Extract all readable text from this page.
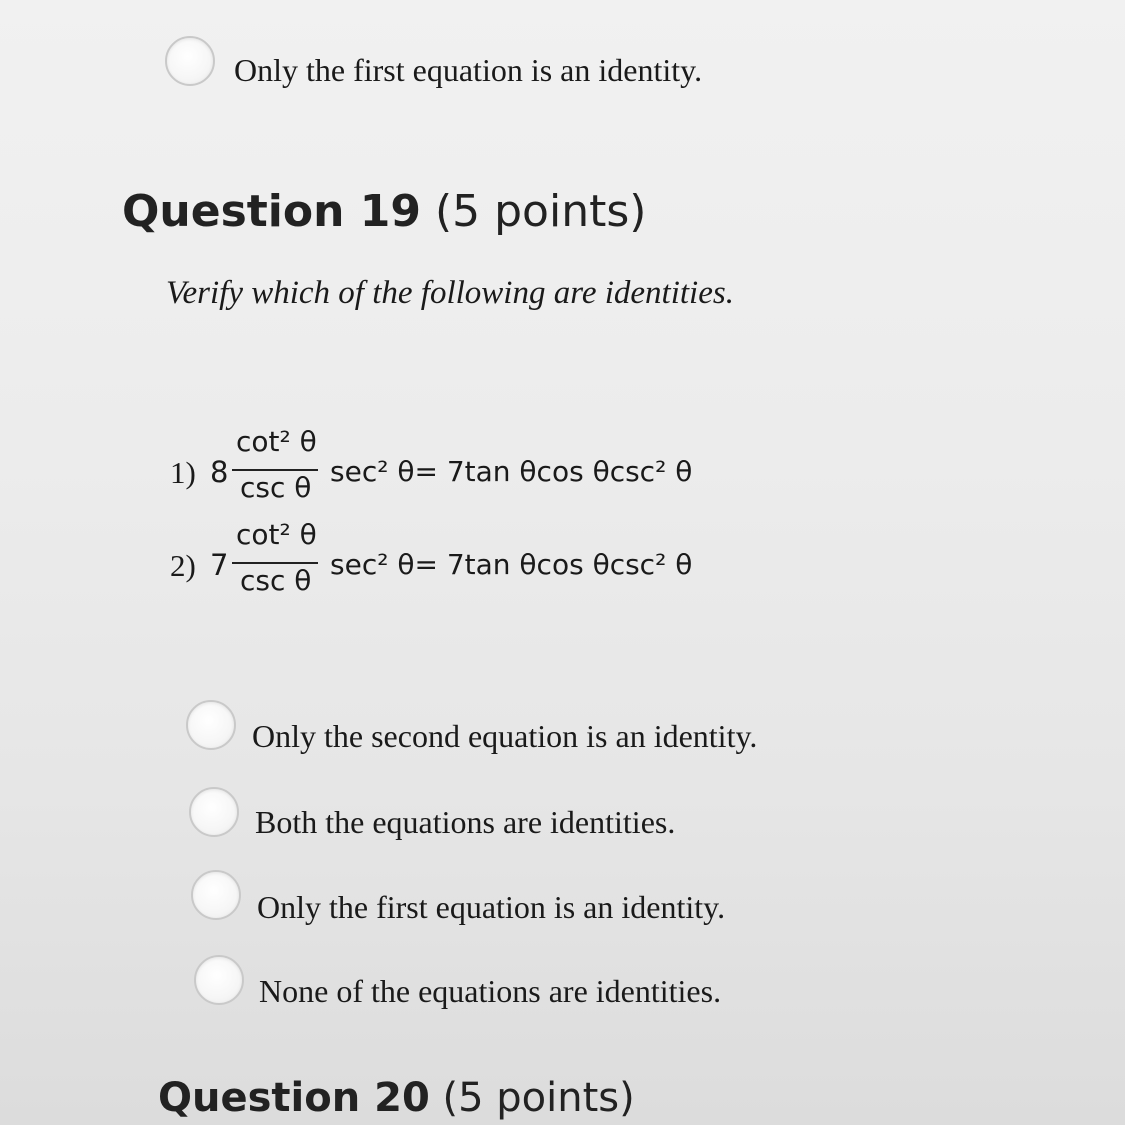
Only the first equation is an identity.
Question 19 (5 points)
Verify which of the following are identities.
1) 8
cot² θ
csc θ sec² θ= 7tan θcos θcsc² θ
2) 7
cot² θ
csc θ sec² θ= 7tan θcos θcsc² θ
Only the second equation is an identity.
Both the equations are identities.
Only the first equation is an identity.
None of the equations are identities.
Question 20 (5 points)
